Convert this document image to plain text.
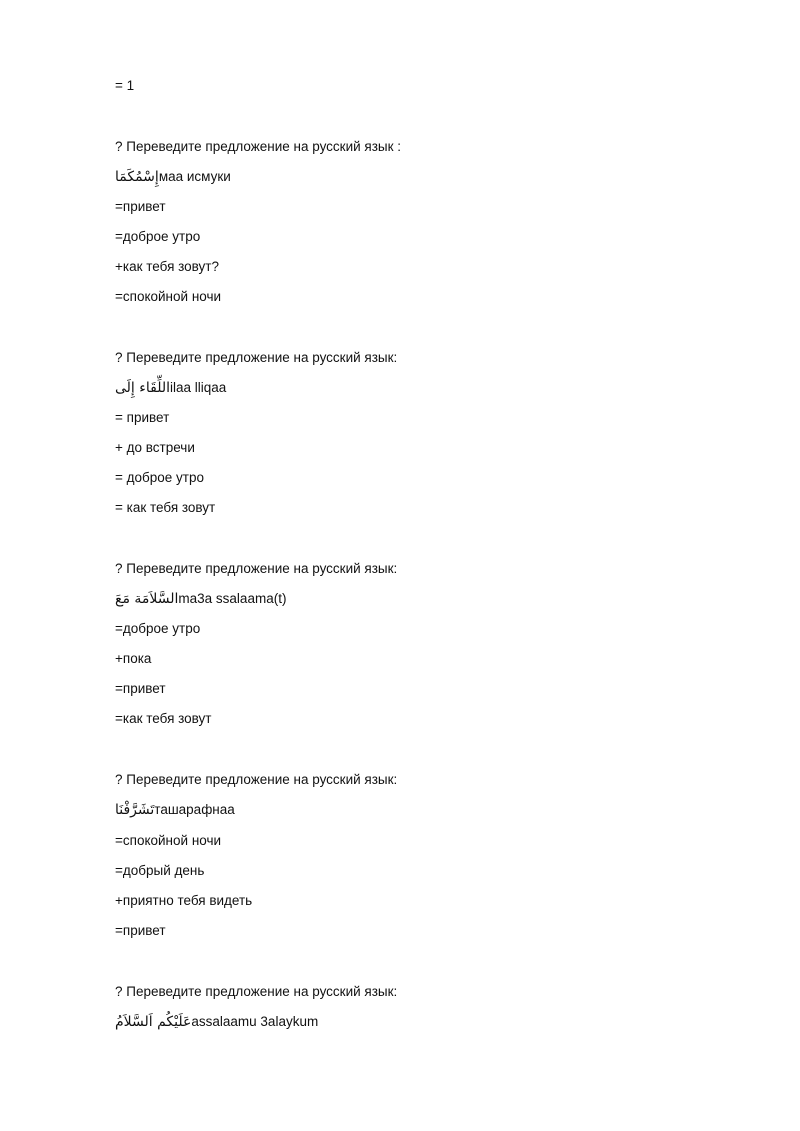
= 1
? Переведите предложение на русский язык :
إِسْمُكَمَاмаа исмуки
=привет
=доброе утро
+как тебя зовут?
=спокойной ночи
? Переведите предложение на русский язык:
اللِّقَاء إِلَىilaa lliqaa
= привет
+ до встречи
= доброе утро
= как тебя зовут
? Переведите предложение на русский язык:
السَّلاَمَة مَعَma3a ssalaama(t)
=доброе утро
+пока
=привет
=как тебя зовут
? Переведите предложение на русский язык:
تَشَرَّفْنَاташарафнаа
=спокойной ночи
=добрый день
+приятно тебя видеть
=привет
? Переведите предложение на русский язык:
عَلَيْكُم اَلسَّلاَمُassalaamu 3alaykum
